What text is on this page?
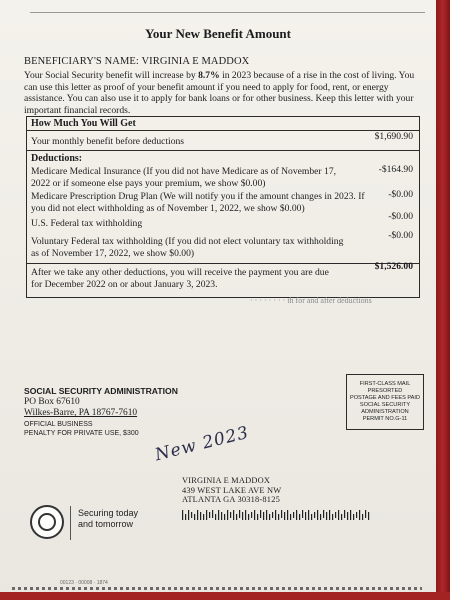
Your New Benefit Amount
BENEFICIARY'S NAME: VIRGINIA E MADDOX
Your Social Security benefit will increase by 8.7% in 2023 because of a rise in the cost of living. You can use this letter as proof of your benefit amount if you need to apply for food, rent, or energy assistance. You can also use it to apply for bank loans or for other business. Keep this letter with your important financial records.
How Much You Will Get
Your monthly benefit before deductions	$1,690.90
Deductions:
Medicare Medical Insurance (If you did not have Medicare as of November 17, 2022 or if someone else pays your premium, we show $0.00)
-$164.90
Medicare Prescription Drug Plan (We will notify you if the amount changes in 2023. If you did not elect withholding as of November 1, 2022, we show $0.00)
-$0.00
U.S. Federal tax withholding
-$0.00
Voluntary Federal tax withholding (If you did not elect voluntary tax withholding as of November 17, 2022, we show $0.00)
-$0.00
After we take any other deductions, you will receive the payment you are due for December 2022 on or about January 3, 2023.
$1,526.00
· · · · · · · · th for and after deductions
SOCIAL SECURITY ADMINISTRATION
PO Box 67610
Wilkes-Barre, PA 18767-7610
OFFICIAL BUSINESS
PENALTY FOR PRIVATE USE, $300
FIRST-CLASS MAIL
PRESORTED
POSTAGE AND FEES PAID
SOCIAL SECURITY
ADMINISTRATION
PERMIT NO.G-11
New 2023
VIRGINIA E MADDOX
439 WEST LAKE AVE NW
ATLANTA GA 30318-8125
Securing today
and tomorrow
00123 · 00008 · 1874
